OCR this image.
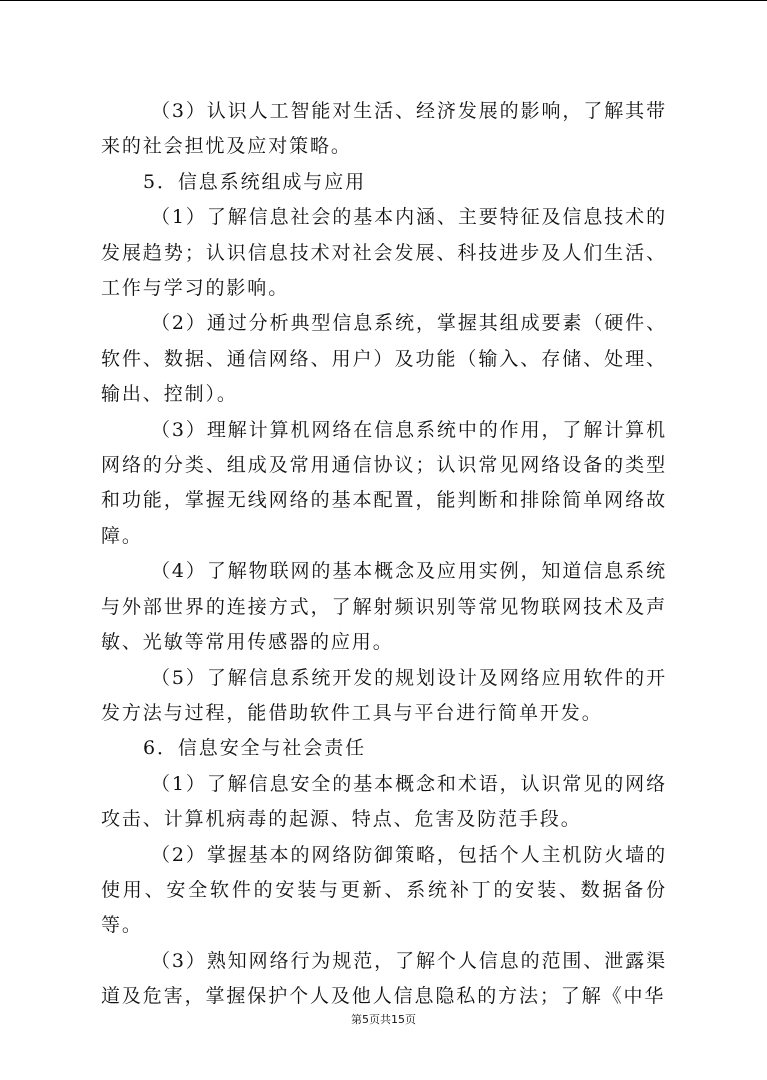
（3）认识人工智能对生活、经济发展的影响，了解其带来的社会担忧及应对策略。

5．信息系统组成与应用

（1）了解信息社会的基本内涵、主要特征及信息技术的发展趋势；认识信息技术对社会发展、科技进步及人们生活、工作与学习的影响。

（2）通过分析典型信息系统，掌握其组成要素（硬件、软件、数据、通信网络、用户）及功能（输入、存储、处理、输出、控制）。

（3）理解计算机网络在信息系统中的作用，了解计算机网络的分类、组成及常用通信协议；认识常见网络设备的类型和功能，掌握无线网络的基本配置，能判断和排除简单网络故障。

（4）了解物联网的基本概念及应用实例，知道信息系统与外部世界的连接方式，了解射频识别等常见物联网技术及声敏、光敏等常用传感器的应用。

（5）了解信息系统开发的规划设计及网络应用软件的开发方法与过程，能借助软件工具与平台进行简单开发。

6．信息安全与社会责任

（1）了解信息安全的基本概念和术语，认识常见的网络攻击、计算机病毒的起源、特点、危害及防范手段。

（2）掌握基本的网络防御策略，包括个人主机防火墙的使用、安全软件的安装与更新、系统补丁的安装、数据备份等。

（3）熟知网络行为规范，了解个人信息的范围、泄露渠道及危害，掌握保护个人及他人信息隐私的方法；了解《中华

第5页共15页
